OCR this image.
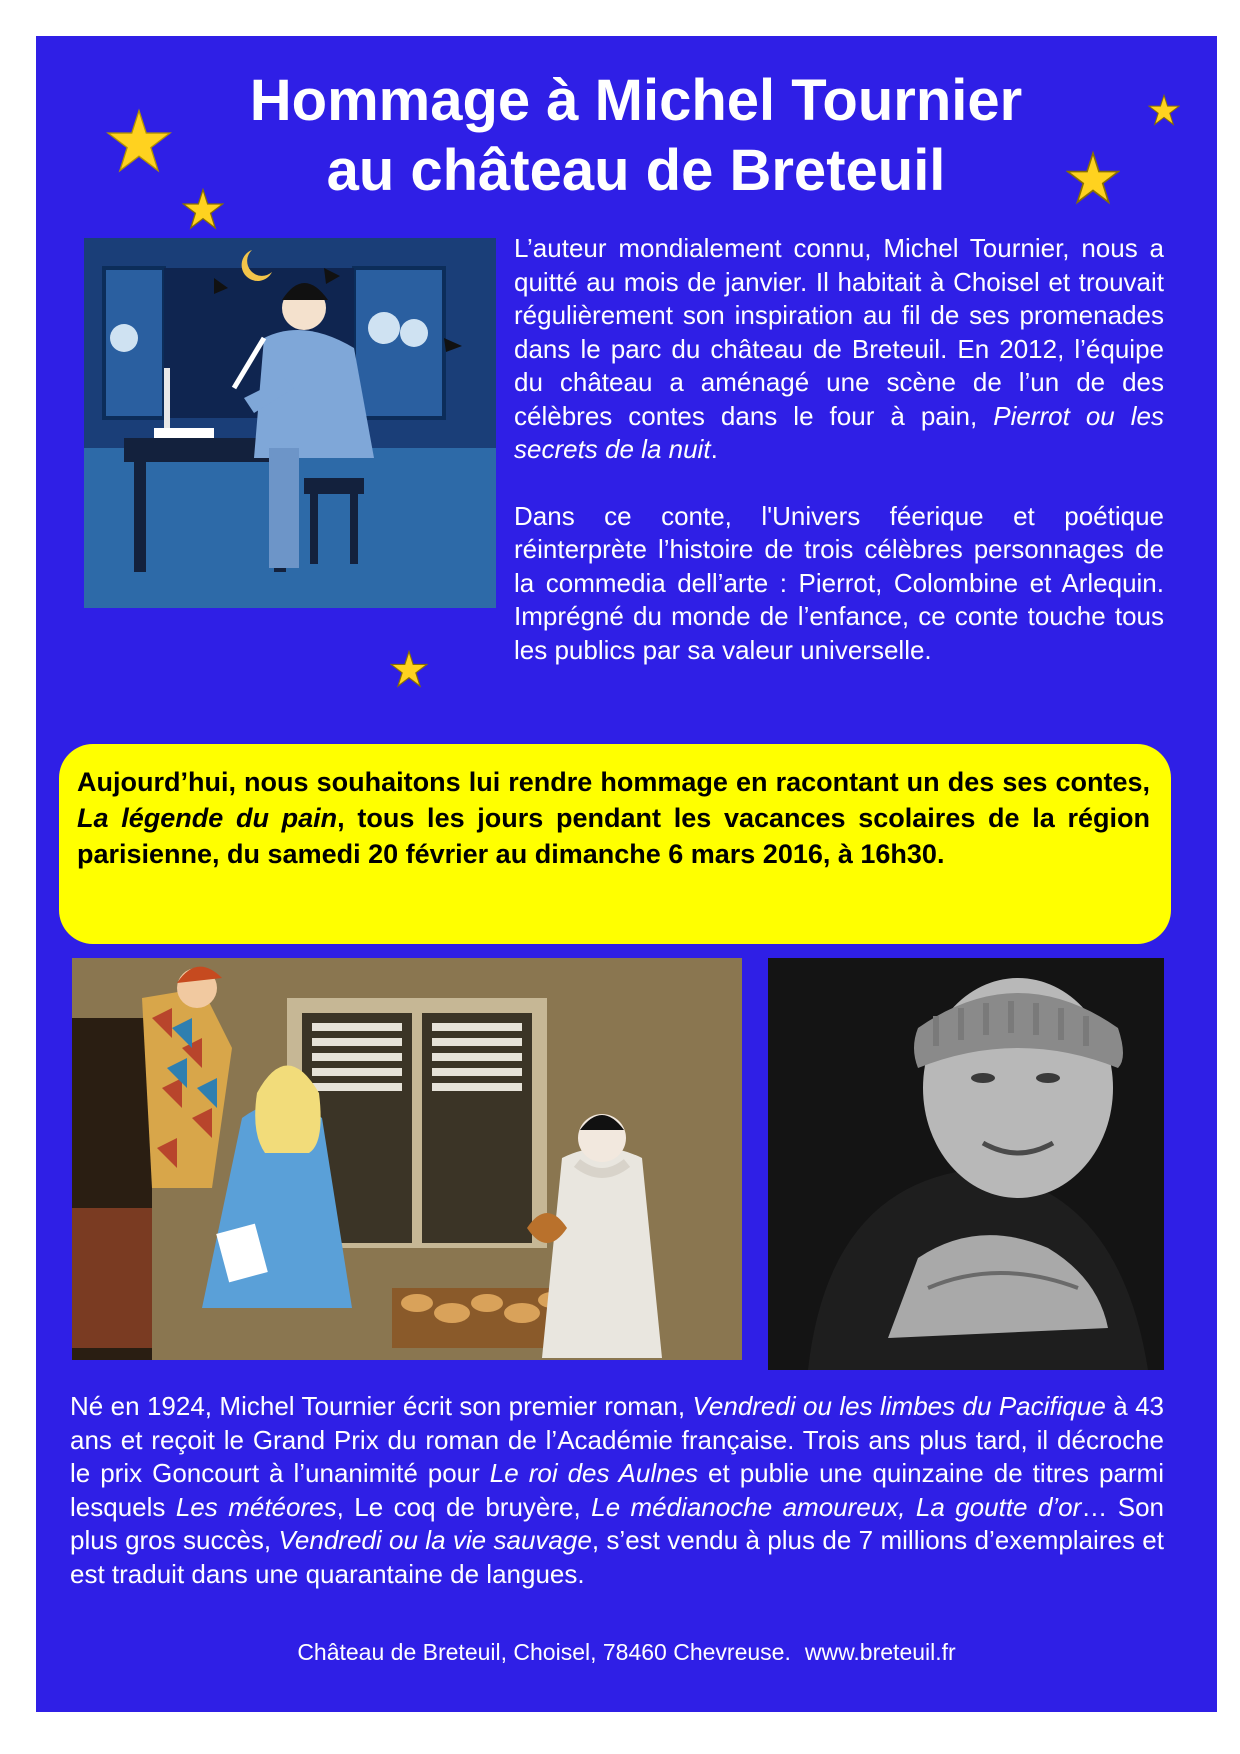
Hommage à Michel Tournier
au château de Breteuil

L’auteur mondialement connu, Michel Tournier, nous a quitté au mois de janvier. Il habitait à Choisel et trouvait régulièrement son inspiration au fil de ses promenades dans le parc du château de Breteuil. En 2012, l’équipe du château a aménagé une scène de l’un de des célèbres contes dans le four à pain, Pierrot ou les secrets de la nuit.

Dans ce conte, l'Univers féerique et poétique réinterprète l’histoire de trois célèbres personnages de la commedia dell’arte : Pierrot, Colombine et Arlequin. Imprégné du monde de l’enfance, ce conte touche tous les publics par sa valeur universelle.

Aujourd’hui, nous souhaitons lui rendre hommage en racontant un des ses contes, La légende du pain, tous les jours pendant les vacances scolaires de la région parisienne, du samedi 20 février au dimanche 6 mars 2016, à 16h30.

Né en 1924, Michel Tournier écrit son premier roman, Vendredi ou les limbes du Pacifique à 43 ans et reçoit le Grand Prix du roman de l’Académie française. Trois ans plus tard, il décroche le prix Goncourt à l’unanimité pour Le roi des Aulnes et publie une quinzaine de titres parmi lesquels Les météores, Le coq de bruyère, Le médianoche amoureux, La goutte d’or… Son plus gros succès, Vendredi ou la vie sauvage, s’est vendu à plus de 7 millions d’exemplaires et est traduit dans une quarantaine de langues.

Château de Breteuil, Choisel, 78460 Chevreuse. www.breteuil.fr
